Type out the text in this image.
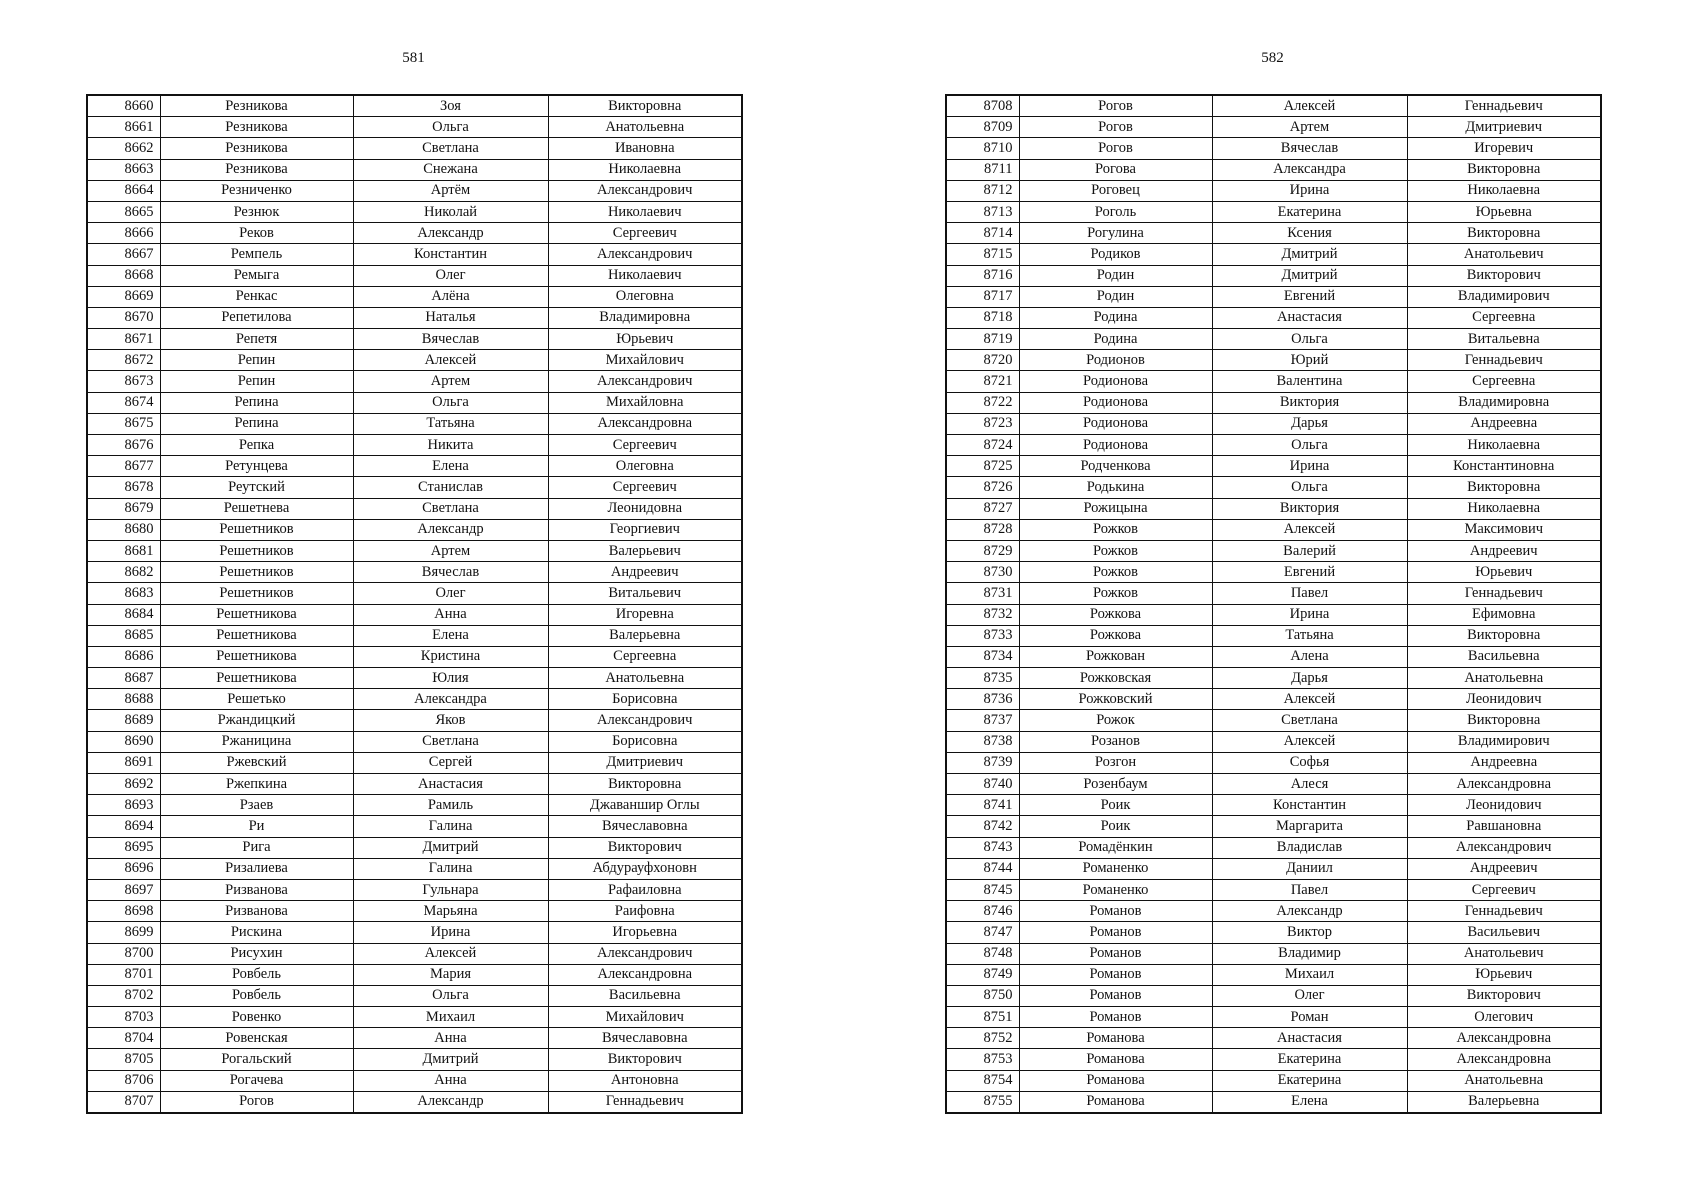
581
8660	Резникова	Зоя	Викторовна
8661	Резникова	Ольга	Анатольевна
8662	Резникова	Светлана	Ивановна
8663	Резникова	Снежана	Николаевна
8664	Резниченко	Артём	Александрович
8665	Резнюк	Николай	Николаевич
8666	Реков	Александр	Сергеевич
8667	Ремпель	Константин	Александрович
8668	Ремыга	Олег	Николаевич
8669	Ренкас	Алёна	Олеговна
8670	Репетилова	Наталья	Владимировна
8671	Репетя	Вячеслав	Юрьевич
8672	Репин	Алексей	Михайлович
8673	Репин	Артем	Александрович
8674	Репина	Ольга	Михайловна
8675	Репина	Татьяна	Александровна
8676	Репка	Никита	Сергеевич
8677	Ретунцева	Елена	Олеговна
8678	Реутский	Станислав	Сергеевич
8679	Решетнева	Светлана	Леонидовна
8680	Решетников	Александр	Георгиевич
8681	Решетников	Артем	Валерьевич
8682	Решетников	Вячеслав	Андреевич
8683	Решетников	Олег	Витальевич
8684	Решетникова	Анна	Игоревна
8685	Решетникова	Елена	Валерьевна
8686	Решетникова	Кристина	Сергеевна
8687	Решетникова	Юлия	Анатольевна
8688	Решетько	Александра	Борисовна
8689	Ржандицкий	Яков	Александрович
8690	Ржаницина	Светлана	Борисовна
8691	Ржевский	Сергей	Дмитриевич
8692	Ржепкина	Анастасия	Викторовна
8693	Рзаев	Рамиль	Джаваншир Оглы
8694	Ри	Галина	Вячеславовна
8695	Рига	Дмитрий	Викторович
8696	Ризалиева	Галина	Абдурауфхоновн
8697	Ризванова	Гульнара	Рафаиловна
8698	Ризванова	Марьяна	Раифовна
8699	Рискина	Ирина	Игорьевна
8700	Рисухин	Алексей	Александрович
8701	Ровбель	Мария	Александровна
8702	Ровбель	Ольга	Васильевна
8703	Ровенко	Михаил	Михайлович
8704	Ровенская	Анна	Вячеславовна
8705	Рогальский	Дмитрий	Викторович
8706	Рогачева	Анна	Антоновна
8707	Рогов	Александр	Геннадьевич
582
8708	Рогов	Алексей	Геннадьевич
8709	Рогов	Артем	Дмитриевич
8710	Рогов	Вячеслав	Игоревич
8711	Рогова	Александра	Викторовна
8712	Роговец	Ирина	Николаевна
8713	Роголь	Екатерина	Юрьевна
8714	Рогулина	Ксения	Викторовна
8715	Родиков	Дмитрий	Анатольевич
8716	Родин	Дмитрий	Викторович
8717	Родин	Евгений	Владимирович
8718	Родина	Анастасия	Сергеевна
8719	Родина	Ольга	Витальевна
8720	Родионов	Юрий	Геннадьевич
8721	Родионова	Валентина	Сергеевна
8722	Родионова	Виктория	Владимировна
8723	Родионова	Дарья	Андреевна
8724	Родионова	Ольга	Николаевна
8725	Родченкова	Ирина	Константиновна
8726	Родькина	Ольга	Викторовна
8727	Рожицына	Виктория	Николаевна
8728	Рожков	Алексей	Максимович
8729	Рожков	Валерий	Андреевич
8730	Рожков	Евгений	Юрьевич
8731	Рожков	Павел	Геннадьевич
8732	Рожкова	Ирина	Ефимовна
8733	Рожкова	Татьяна	Викторовна
8734	Рожкован	Алена	Васильевна
8735	Рожковская	Дарья	Анатольевна
8736	Рожковский	Алексей	Леонидович
8737	Рожок	Светлана	Викторовна
8738	Розанов	Алексей	Владимирович
8739	Розгон	Софья	Андреевна
8740	Розенбаум	Алеся	Александровна
8741	Роик	Константин	Леонидович
8742	Роик	Маргарита	Равшановна
8743	Ромадёнкин	Владислав	Александрович
8744	Романенко	Даниил	Андреевич
8745	Романенко	Павел	Сергеевич
8746	Романов	Александр	Геннадьевич
8747	Романов	Виктор	Васильевич
8748	Романов	Владимир	Анатольевич
8749	Романов	Михаил	Юрьевич
8750	Романов	Олег	Викторович
8751	Романов	Роман	Олегович
8752	Романова	Анастасия	Александровна
8753	Романова	Екатерина	Александровна
8754	Романова	Екатерина	Анатольевна
8755	Романова	Елена	Валерьевна
